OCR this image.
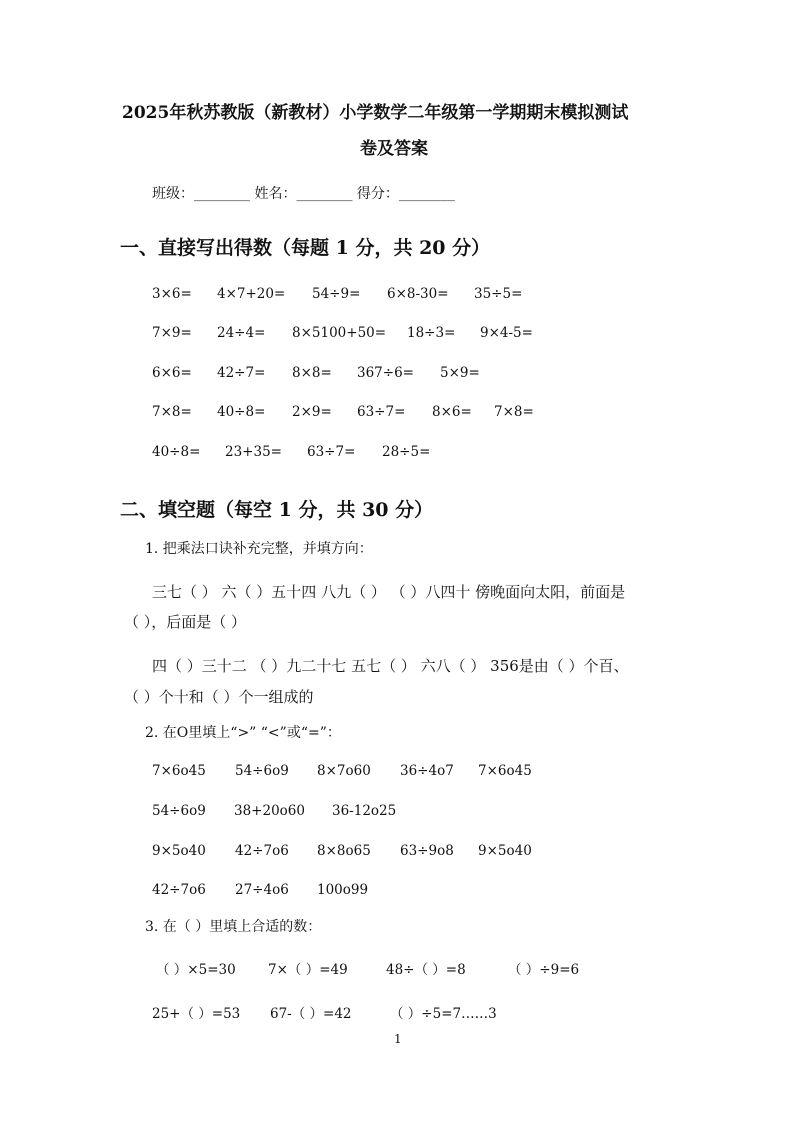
2025年秋苏教版（新教材）小学数学二年级第一学期期末模拟测试
卷及答案
班级：________ 姓名：________ 得分：________
一、直接写出得数（每题 1 分，共 20 分）
3×6= 4×7+20= 54÷9= 6×8-30= 35÷5=
7×9= 24÷4= 8×5100+50= 18÷3= 9×4-5=
6×6= 42÷7= 8×8= 367÷6= 5×9=
7×8= 40÷8= 2×9= 63÷7= 8×6= 7×8=
40÷8= 23+35= 63÷7= 28÷5=
二、填空题（每空 1 分，共 30 分）
1. 把乘法口诀补充完整，并填方向：
三七（ ） 六（ ）五十四 八九（ ） （ ）八四十 傍晚面向太阳，前面是
（ ），后面是（ ）
四（ ）三十二 （ ）九二十七 五七（ ） 六八（ ） 356是由（ ）个百、
（ ）个十和（ ）个一组成的
2. 在O里填上“>” “<”或“=”：
7×6o45 54÷6o9 8×7o60 36÷4o7 7×6o45
54÷6o9 38+20o60 36-12o25
9×5o40 42÷7o6 8×8o65 63÷9o8 9×5o40
42÷7o6 27÷4o6 100o99
3. 在（ ）里填上合适的数：
（ ）×5=30 7×（ ）=49	48÷（ ）=8	（ ）÷9=6
25+（ ）=53 67-（ ）=42	（ ）÷5=7……3
1
